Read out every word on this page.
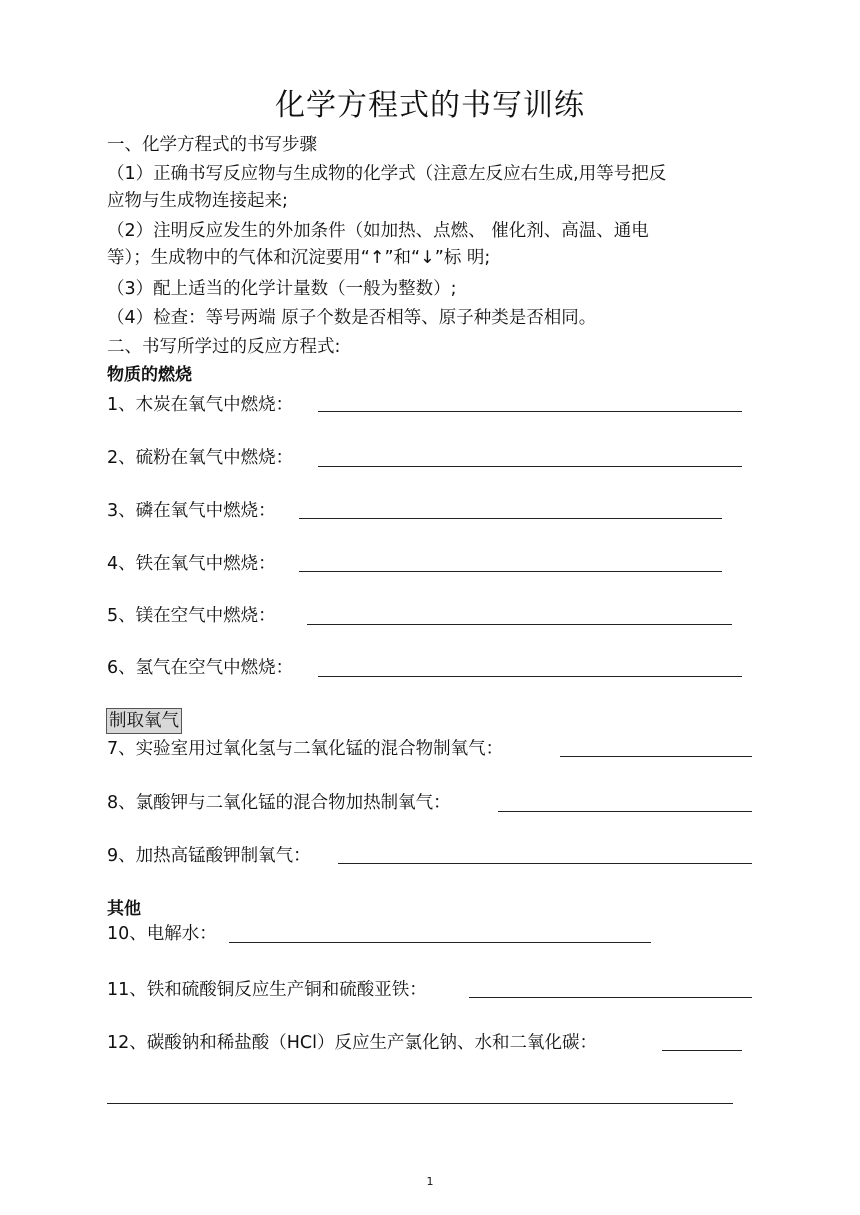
化学方程式的书写训练
一、化学方程式的书写步骤
（1）正确书写反应物与生成物的化学式（注意左反应右生成,用等号把反
应物与生成物连接起来;
（2）注明反应发生的外加条件（如加热、点燃、 催化剂、高温、通电
等）；生成物中的气体和沉淀要用“↑”和“↓”标 明;
（3）配上适当的化学计量数（一般为整数）;
（4）检查：等号两端 原子个数是否相等、原子种类是否相同。
二、书写所学过的反应方程式:
物质的燃烧
1、木炭在氧气中燃烧：
2、硫粉在氧气中燃烧：
3、磷在氧气中燃烧：
4、铁在氧气中燃烧：
5、镁在空气中燃烧：
6、氢气在空气中燃烧：
制取氧气
7、实验室用过氧化氢与二氧化锰的混合物制氧气：
8、氯酸钾与二氧化锰的混合物加热制氧气：
9、加热高锰酸钾制氧气：
其他
10、电解水：
11、铁和硫酸铜反应生产铜和硫酸亚铁：
12、碳酸钠和稀盐酸（HCl）反应生产氯化钠、水和二氧化碳：
1
